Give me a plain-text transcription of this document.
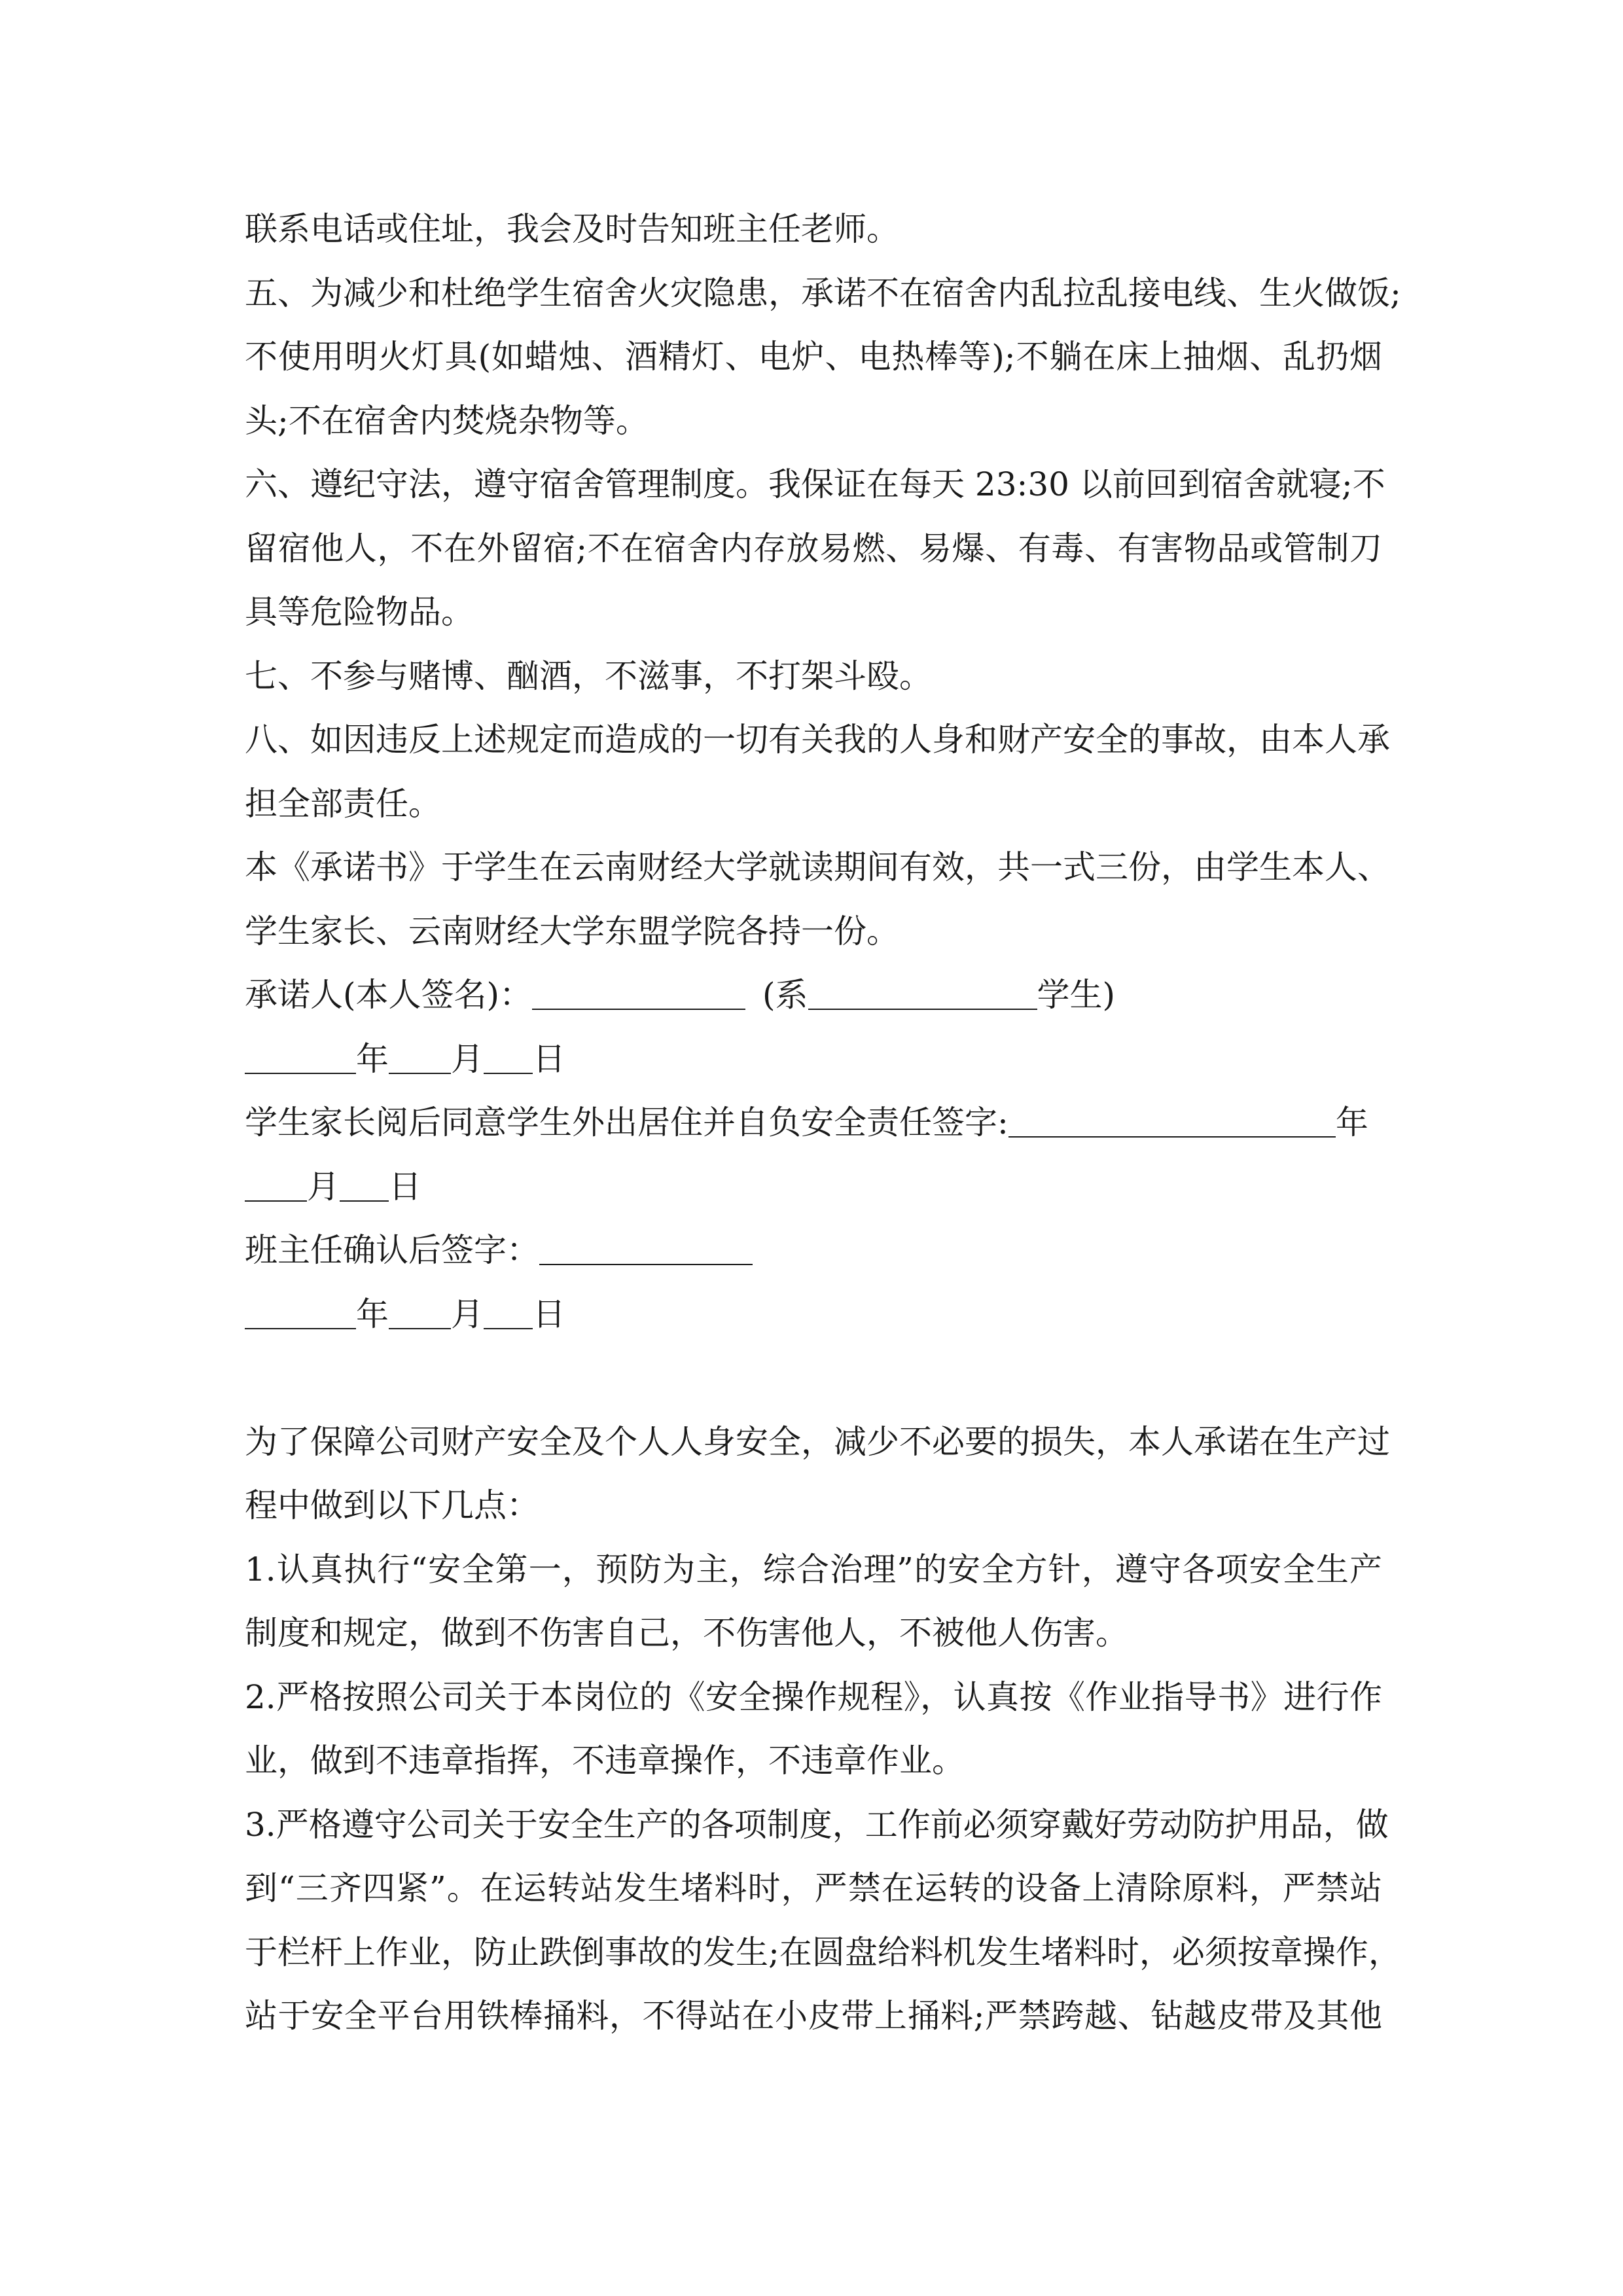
联系电话或住址，我会及时告知班主任老师。
五、为减少和杜绝学生宿舍火灾隐患，承诺不在宿舍内乱拉乱接电线、生火做饭;
不使用明火灯具(如蜡烛、酒精灯、电炉、电热棒等);不躺在床上抽烟、乱扔烟
头;不在宿舍内焚烧杂物等。
六、遵纪守法，遵守宿舍管理制度。我保证在每天 23:30 以前回到宿舍就寝;不
留宿他人，不在外留宿;不在宿舍内存放易燃、易爆、有毒、有害物品或管制刀
具等危险物品。
七、不参与赌博、酗酒，不滋事，不打架斗殴。
八、如因违反上述规定而造成的一切有关我的人身和财产安全的事故，由本人承
担全部责任。
本《承诺书》于学生在云南财经大学就读期间有效，共一式三份，由学生本人、
学生家长、云南财经大学东盟学院各持一份。
承诺人(本人签名)：	(系	学生)
年 月 日
学生家长阅后同意学生外出居住并自负安全责任签字:	年
月 日
班主任确认后签字：
年 月 日
为了保障公司财产安全及个人人身安全，减少不必要的损失，本人承诺在生产过
程中做到以下几点：
1.认真执行“安全第一，预防为主，综合治理”的安全方针，遵守各项安全生产
制度和规定，做到不伤害自己，不伤害他人，不被他人伤害。
2.严格按照公司关于本岗位的《安全操作规程》，认真按《作业指导书》进行作
业，做到不违章指挥，不违章操作，不违章作业。
3.严格遵守公司关于安全生产的各项制度，工作前必须穿戴好劳动防护用品，做
到“三齐四紧”。在运转站发生堵料时，严禁在运转的设备上清除原料，严禁站
于栏杆上作业，防止跌倒事故的发生;在圆盘给料机发生堵料时，必须按章操作，
站于安全平台用铁棒捅料，不得站在小皮带上捅料;严禁跨越、钻越皮带及其他
